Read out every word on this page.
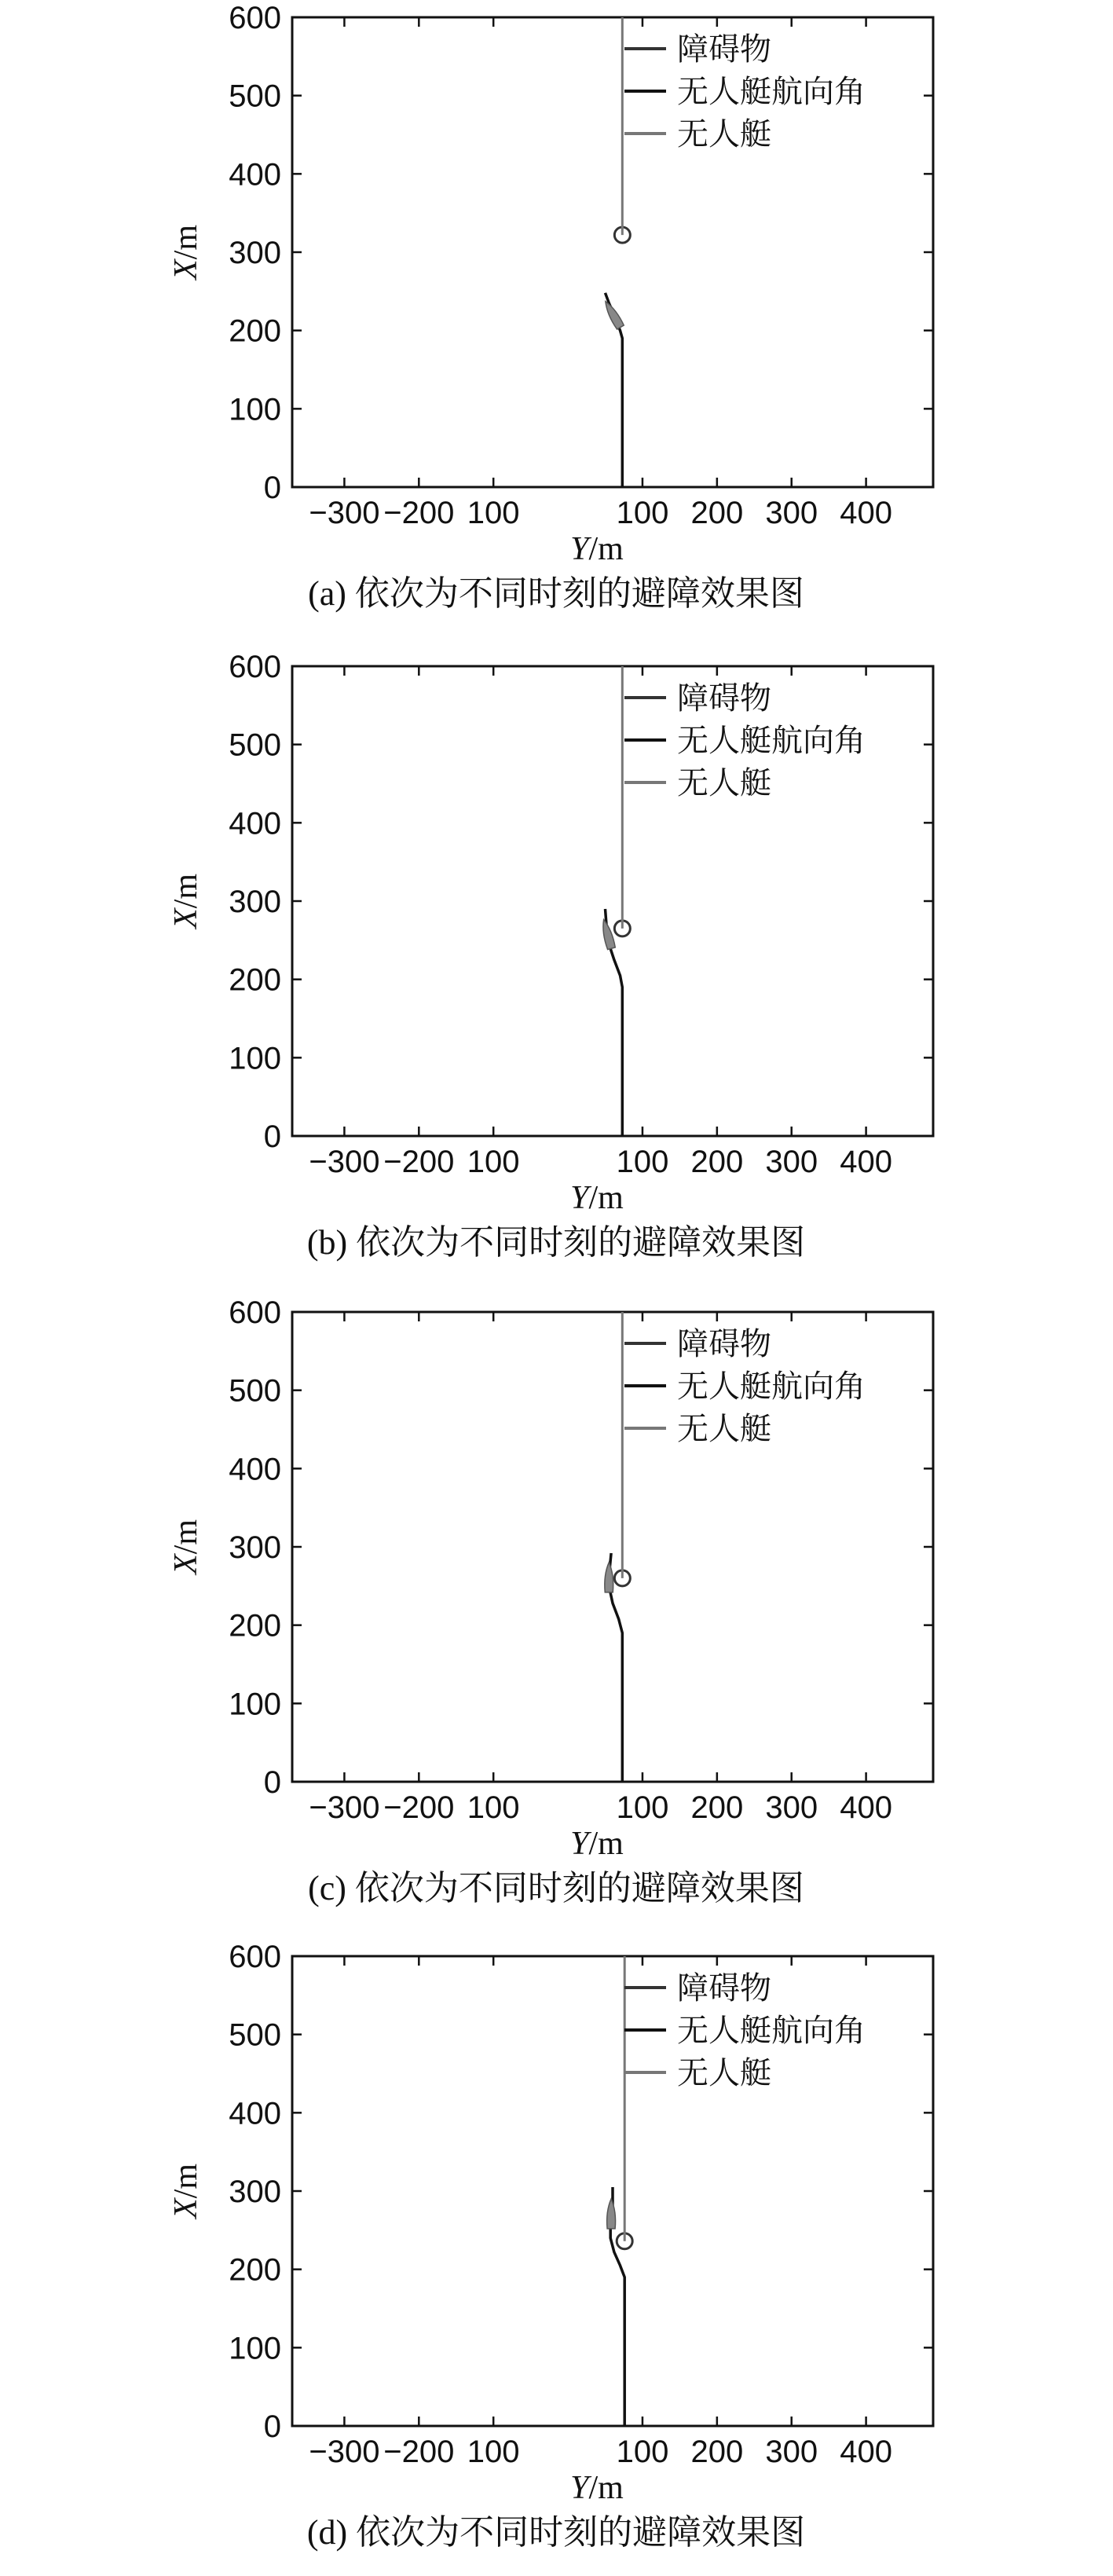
0
100
200
300
400
500
600
−300 −200 100	100 200 300 400
Y/m
X/m
障碍物
无人艇航向角
无人艇
(a) 依次为不同时刻的避障效果图
0
100
200
300
400
500
600
−300 −200 100	100 200 300 400
Y/m
X/m
障碍物
无人艇航向角
无人艇
(b) 依次为不同时刻的避障效果图
0
100
200
300
400
500
600
−300 −200 100	100 200 300 400
Y/m
X/m
障碍物
无人艇航向角
无人艇
(c) 依次为不同时刻的避障效果图
0
100
200
300
400
500
600
−300 −200 100	100 200 300 400
Y/m
X/m
障碍物
无人艇航向角
无人艇
(d) 依次为不同时刻的避障效果图
